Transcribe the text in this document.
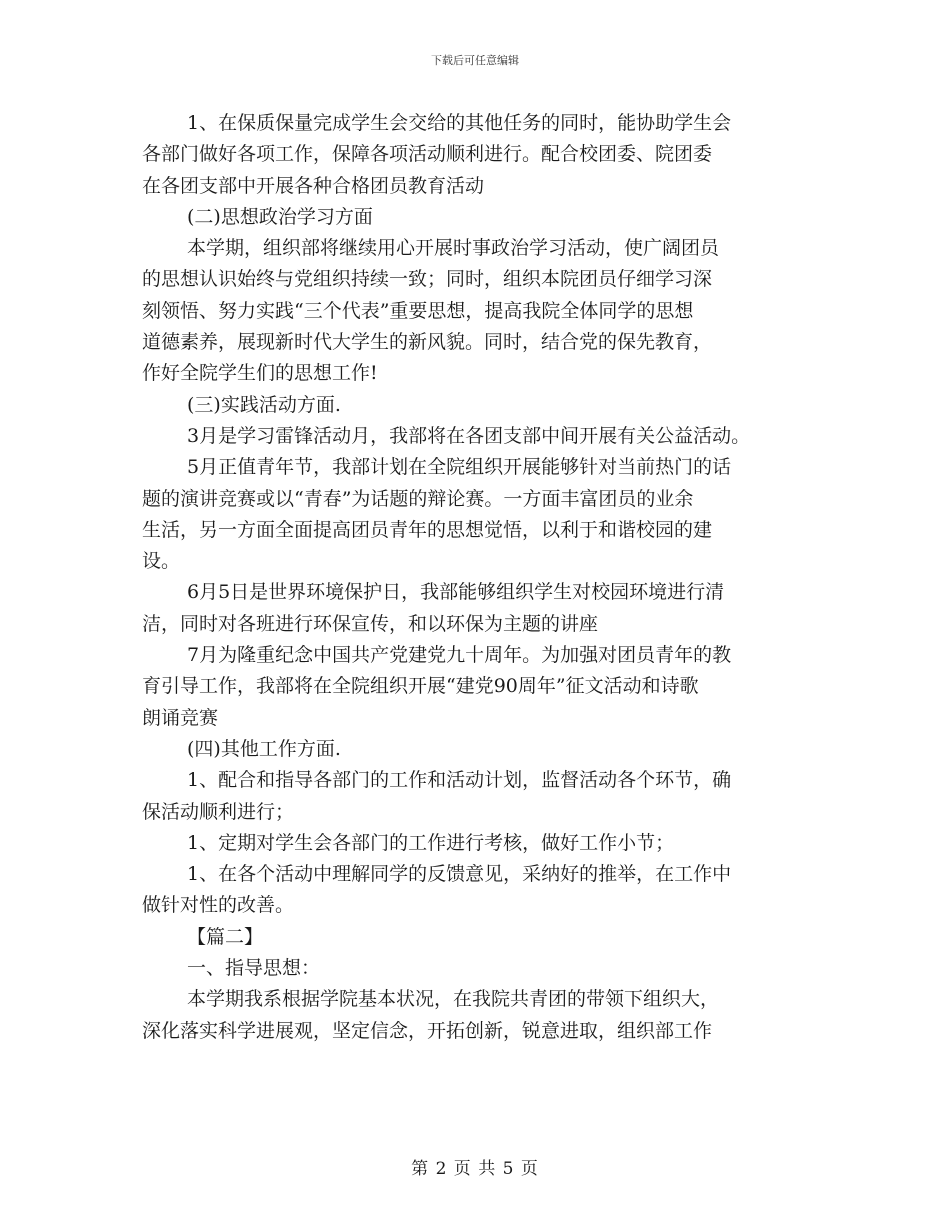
下载后可任意编辑
1、在保质保量完成学生会交给的其他任务的同时，能协助学生会
各部门做好各项工作，保障各项活动顺利进行。配合校团委、院团委
在各团支部中开展各种合格团员教育活动
(二)思想政治学习方面
本学期，组织部将继续用心开展时事政治学习活动，使广阔团员
的思想认识始终与党组织持续一致；同时，组织本院团员仔细学习深
刻领悟、努力实践“三个代表”重要思想，提高我院全体同学的思想
道德素养，展现新时代大学生的新风貌。同时，结合党的保先教育，
作好全院学生们的思想工作!
(三)实践活动方面.
3月是学习雷锋活动月，我部将在各团支部中间开展有关公益活动。
5月正值青年节，我部计划在全院组织开展能够针对当前热门的话
题的演讲竞赛或以“青春”为话题的辩论赛。一方面丰富团员的业余
生活，另一方面全面提高团员青年的思想觉悟，以利于和谐校园的建
设。
6月5日是世界环境保护日，我部能够组织学生对校园环境进行清
洁，同时对各班进行环保宣传，和以环保为主题的讲座
7月为隆重纪念中国共产党建党九十周年。为加强对团员青年的教
育引导工作，我部将在全院组织开展“建党90周年”征文活动和诗歌
朗诵竞赛
(四)其他工作方面.
1、配合和指导各部门的工作和活动计划，监督活动各个环节，确
保活动顺利进行；
1、定期对学生会各部门的工作进行考核，做好工作小节；
1、在各个活动中理解同学的反馈意见，采纳好的推举，在工作中
做针对性的改善。
【篇二】
一、指导思想：
本学期我系根据学院基本状况，在我院共青团的带领下组织大，
深化落实科学进展观，坚定信念，开拓创新，锐意进取，组织部工作
第 2 页 共 5 页
